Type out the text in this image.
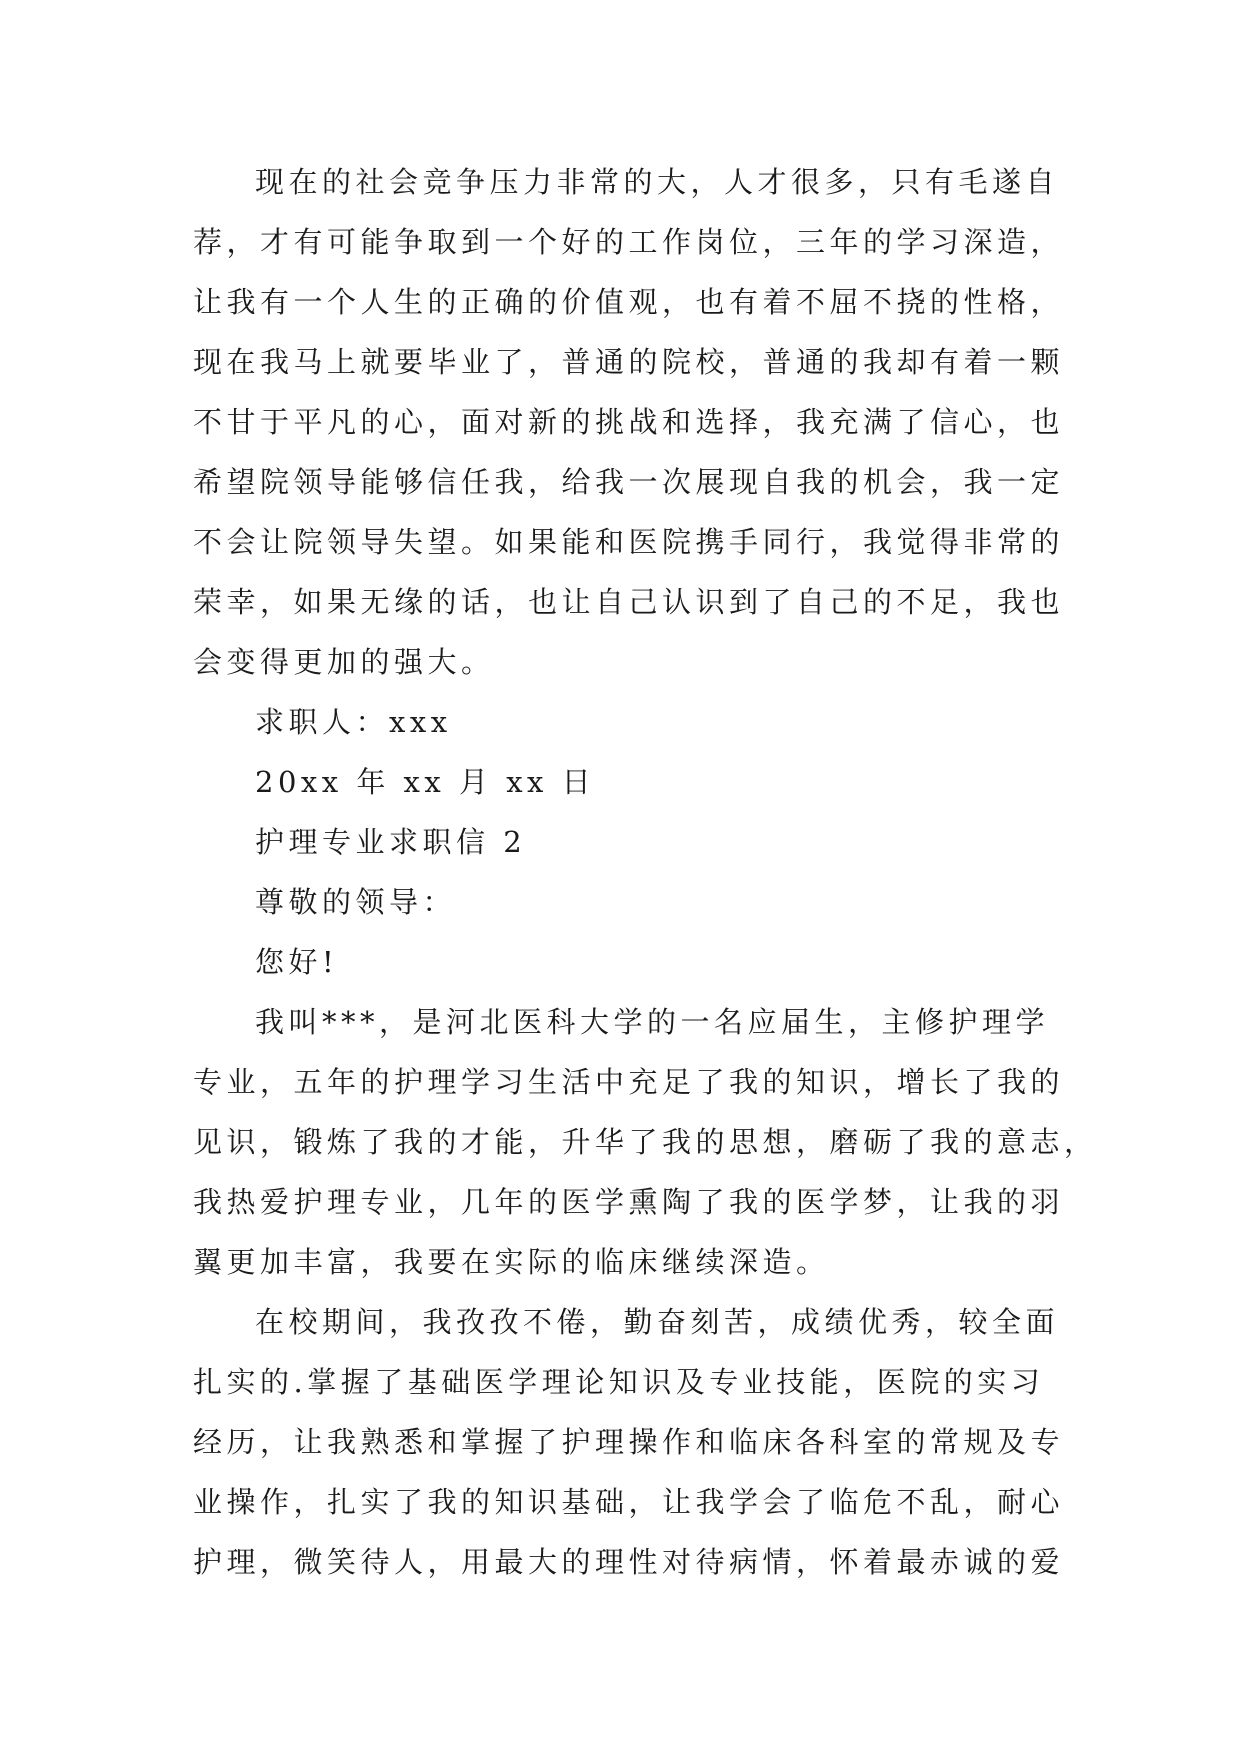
现在的社会竞争压力非常的大，人才很多，只有毛遂自
荐，才有可能争取到一个好的工作岗位，三年的学习深造，
让我有一个人生的正确的价值观，也有着不屈不挠的性格，
现在我马上就要毕业了，普通的院校，普通的我却有着一颗
不甘于平凡的心，面对新的挑战和选择，我充满了信心，也
希望院领导能够信任我，给我一次展现自我的机会，我一定
不会让院领导失望。如果能和医院携手同行，我觉得非常的
荣幸，如果无缘的话，也让自己认识到了自己的不足，我也
会变得更加的强大。
求职人：xxx
20xx 年 xx 月 xx 日
护理专业求职信 2
尊敬的领导：
您好!
我叫***，是河北医科大学的一名应届生，主修护理学
专业，五年的护理学习生活中充足了我的知识，增长了我的
见识，锻炼了我的才能，升华了我的思想，磨砺了我的意志，
我热爱护理专业，几年的医学熏陶了我的医学梦，让我的羽
翼更加丰富，我要在实际的临床继续深造。
在校期间，我孜孜不倦，勤奋刻苦，成绩优秀，较全面
扎实的.掌握了基础医学理论知识及专业技能，医院的实习
经历，让我熟悉和掌握了护理操作和临床各科室的常规及专
业操作，扎实了我的知识基础，让我学会了临危不乱，耐心
护理，微笑待人，用最大的理性对待病情，怀着最赤诚的爱
